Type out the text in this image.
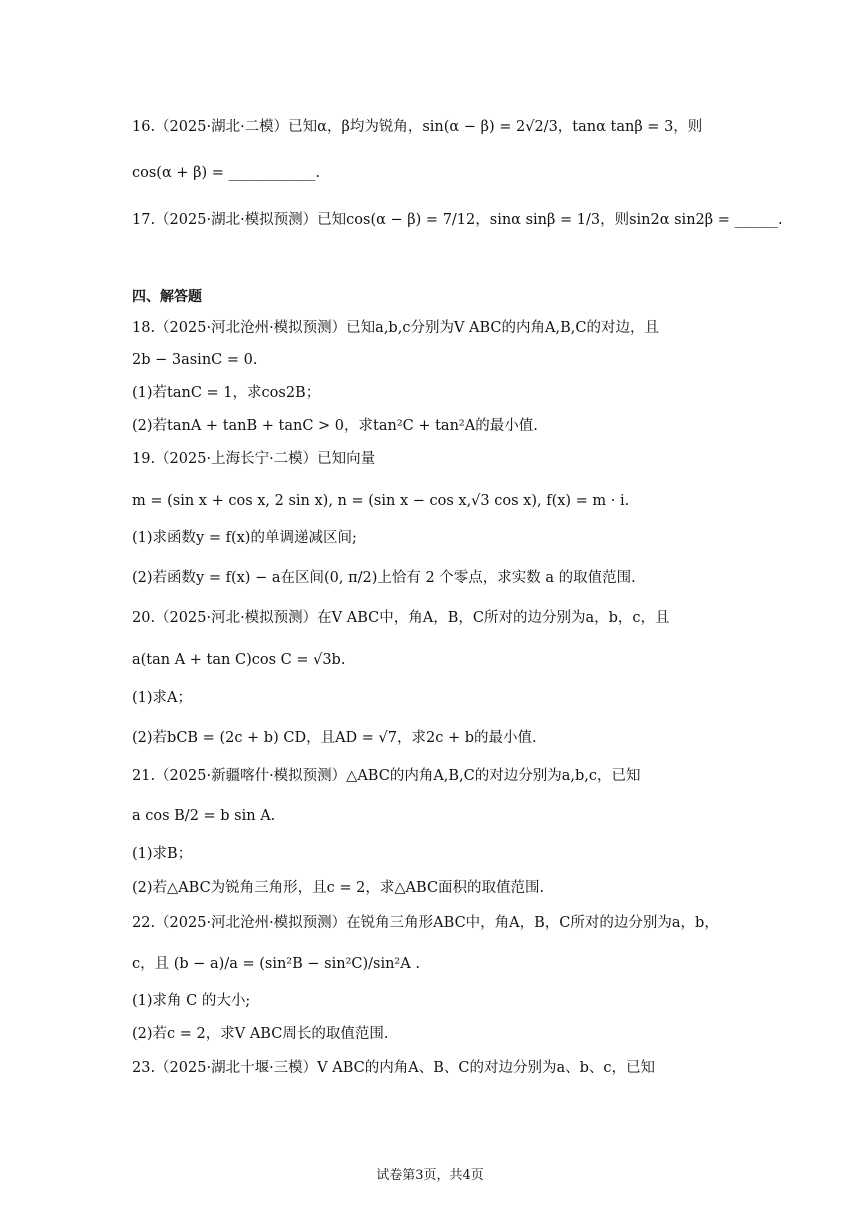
16.（2025·湖北·二模）已知α，β均为锐角，sin(α − β) = 2√2/3，tanα tanβ = 3，则
cos(α + β) = ____________.
17.（2025·湖北·模拟预测）已知cos(α − β) = 7/12，sinα sinβ = 1/3，则sin2α sin2β = ______.
四、解答题
18.（2025·河北沧州·模拟预测）已知a,b,c分别为V ABC的内角A,B,C的对边，且
2b − 3asinC = 0.
(1)若tanC = 1，求cos2B；
(2)若tanA + tanB + tanC > 0，求tan²C + tan²A的最小值.
19.（2025·上海长宁·二模）已知向量
m = (sin x + cos x, 2 sin x), n = (sin x − cos x,√3 cos x), f(x) = m · i.
(1)求函数y = f(x)的单调递减区间;
(2)若函数y = f(x) − a在区间(0, π/2)上恰有 2 个零点，求实数 a 的取值范围.
20.（2025·河北·模拟预测）在V ABC中，角A，B，C所对的边分别为a，b，c，且
a(tan A + tan C)cos C = √3b.
(1)求A；
(2)若bCB = (2c + b) CD，且AD = √7，求2c + b的最小值.
21.（2025·新疆喀什·模拟预测）△ABC的内角A,B,C的对边分别为a,b,c，已知
a cos B/2 = b sin A.
(1)求B；
(2)若△ABC为锐角三角形，且c = 2，求△ABC面积的取值范围.
22.（2025·河北沧州·模拟预测）在锐角三角形ABC中，角A，B，C所对的边分别为a，b，
c，且 (b − a)/a = (sin²B − sin²C)/sin²A .
(1)求角 C 的大小;
(2)若c = 2，求V ABC周长的取值范围.
23.（2025·湖北十堰·三模）V ABC的内角A、B、C的对边分别为a、b、c，已知
试卷第3页，共4页
